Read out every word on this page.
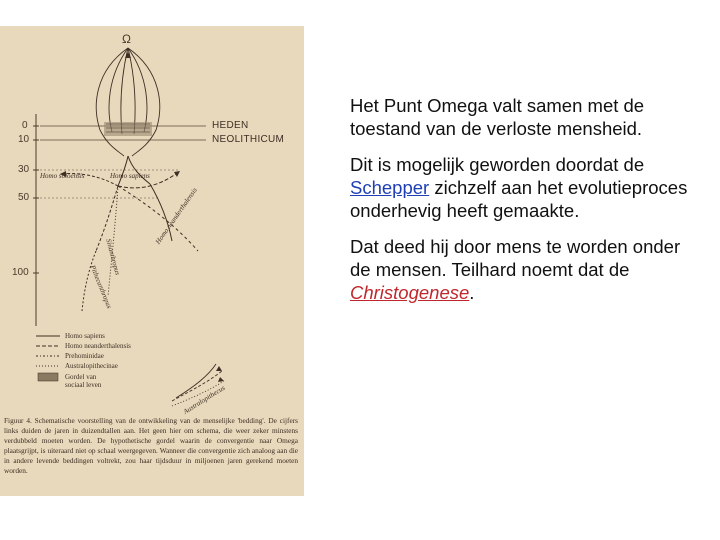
Ω
0
10
30
50
100
HEDEN
NEOLITHICUM
Homo soloensis	Homo sapiens
Homo neanderthalensis
Sinanthropus
Pithecanthropus
Australopithecus
Homo sapiens
Homo neanderthalensis
Prehominidae
Australopithecinae
Gordel van sociaal leven
Figuur 4. Schematische voorstelling van de ontwikkeling van de menselijke 'bedding'. De cijfers links duiden de jaren in duizendtallen aan. Het geen hier om schema, die weer zeker minstens verdubbeld moeten worden. De hypothetische gordel waarin de convergentie naar Omega plaatsgrijpt, is uiteraard niet op schaal weergegeven. Wanneer die convergentie zich analoog aan die in andere levende beddingen voltrekt, zou haar tijdsduur in miljoenen jaren gerekend moeten worden.

Het Punt Omega valt samen met de toestand van de verloste mensheid.

Dit is mogelijk geworden doordat de Schepper zichzelf aan het evolutieproces onderhevig heeft gemaakte.

Dat deed hij door mens te worden onder de mensen. Teilhard noemt dat de Christogenese.
